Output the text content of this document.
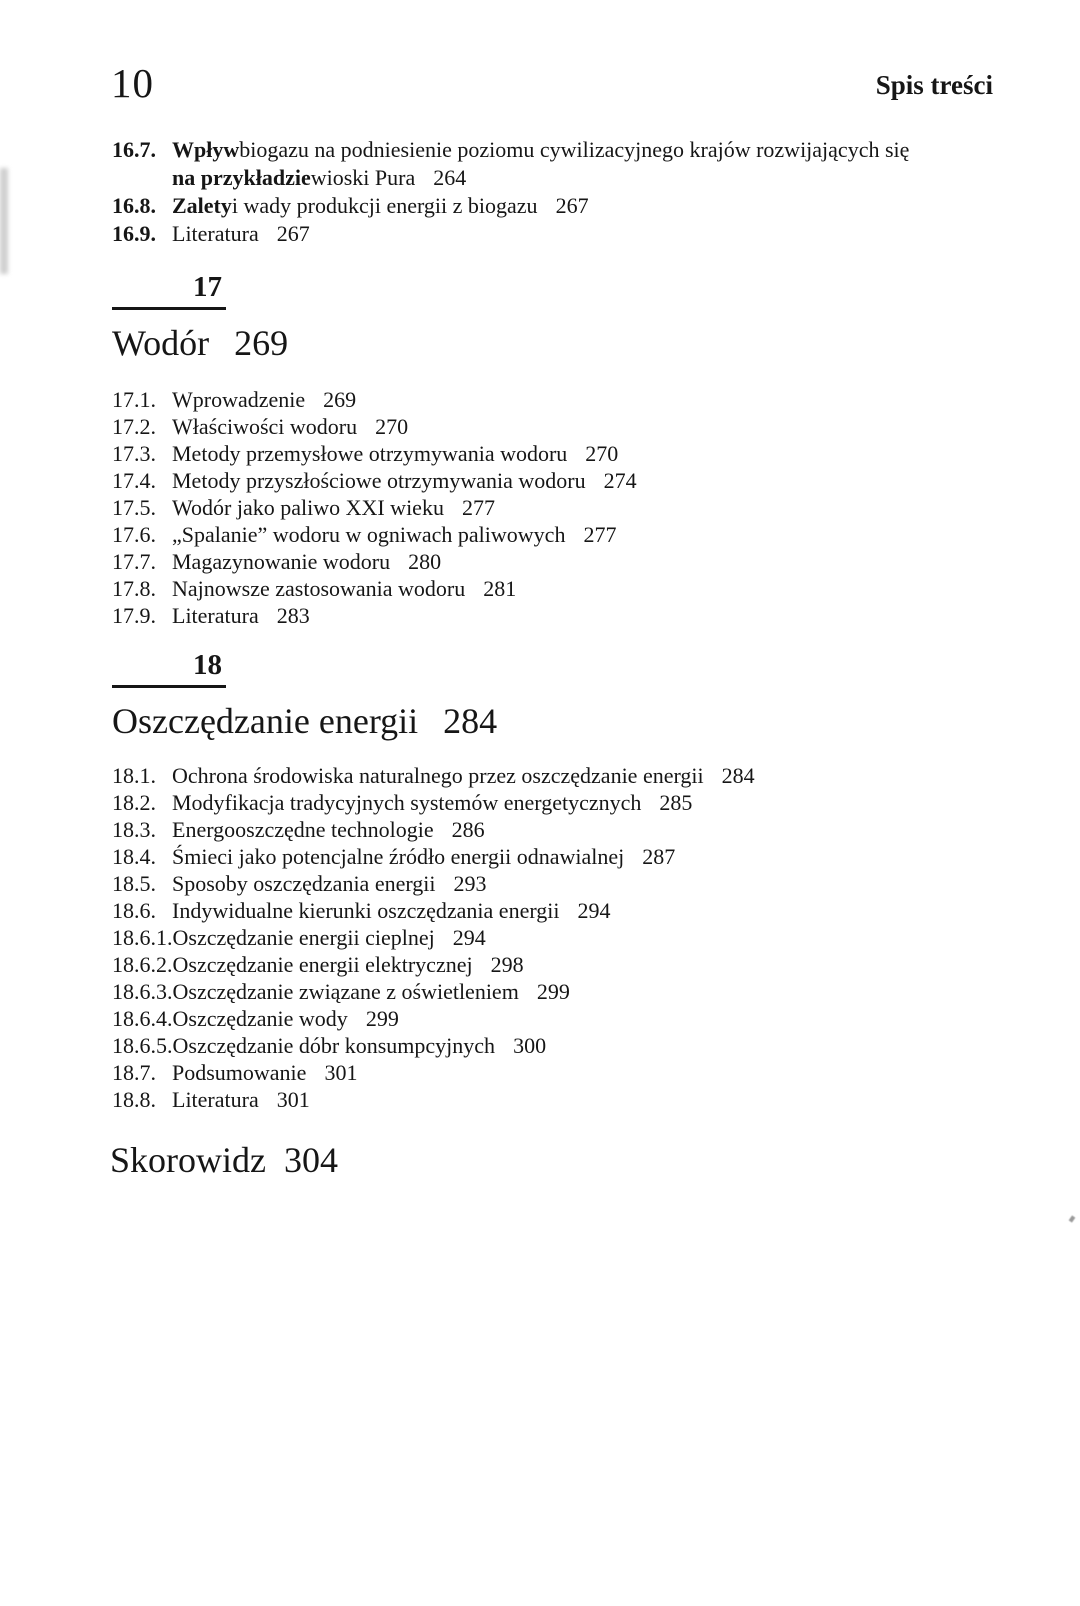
10	Spis treści
16.7. Wpływ biogazu na podniesienie poziomu cywilizacyjnego krajów rozwijających się
na przykładzie wioski Pura 264
16.8. Zalety i wady produkcji energii z biogazu 267
16.9. Literatura 267
17
Wodór 269
17.1. Wprowadzenie 269
17.2. Właściwości wodoru 270
17.3. Metody przemysłowe otrzymywania wodoru 270
17.4. Metody przyszłościowe otrzymywania wodoru 274
17.5. Wodór jako paliwo XXI wieku 277
17.6. „Spalanie” wodoru w ogniwach paliwowych 277
17.7. Magazynowanie wodoru 280
17.8. Najnowsze zastosowania wodoru 281
17.9. Literatura 283
18
Oszczędzanie energii 284
18.1. Ochrona środowiska naturalnego przez oszczędzanie energii 284
18.2. Modyfikacja tradycyjnych systemów energetycznych 285
18.3. Energooszczędne technologie 286
18.4. Śmieci jako potencjalne źródło energii odnawialnej 287
18.5. Sposoby oszczędzania energii 293
18.6. Indywidualne kierunki oszczędzania energii 294
18.6.1. Oszczędzanie energii cieplnej 294
18.6.2. Oszczędzanie energii elektrycznej 298
18.6.3. Oszczędzanie związane z oświetleniem 299
18.6.4. Oszczędzanie wody 299
18.6.5. Oszczędzanie dóbr konsumpcyjnych 300
18.7. Podsumowanie 301
18.8. Literatura 301
Skorowidz 304
